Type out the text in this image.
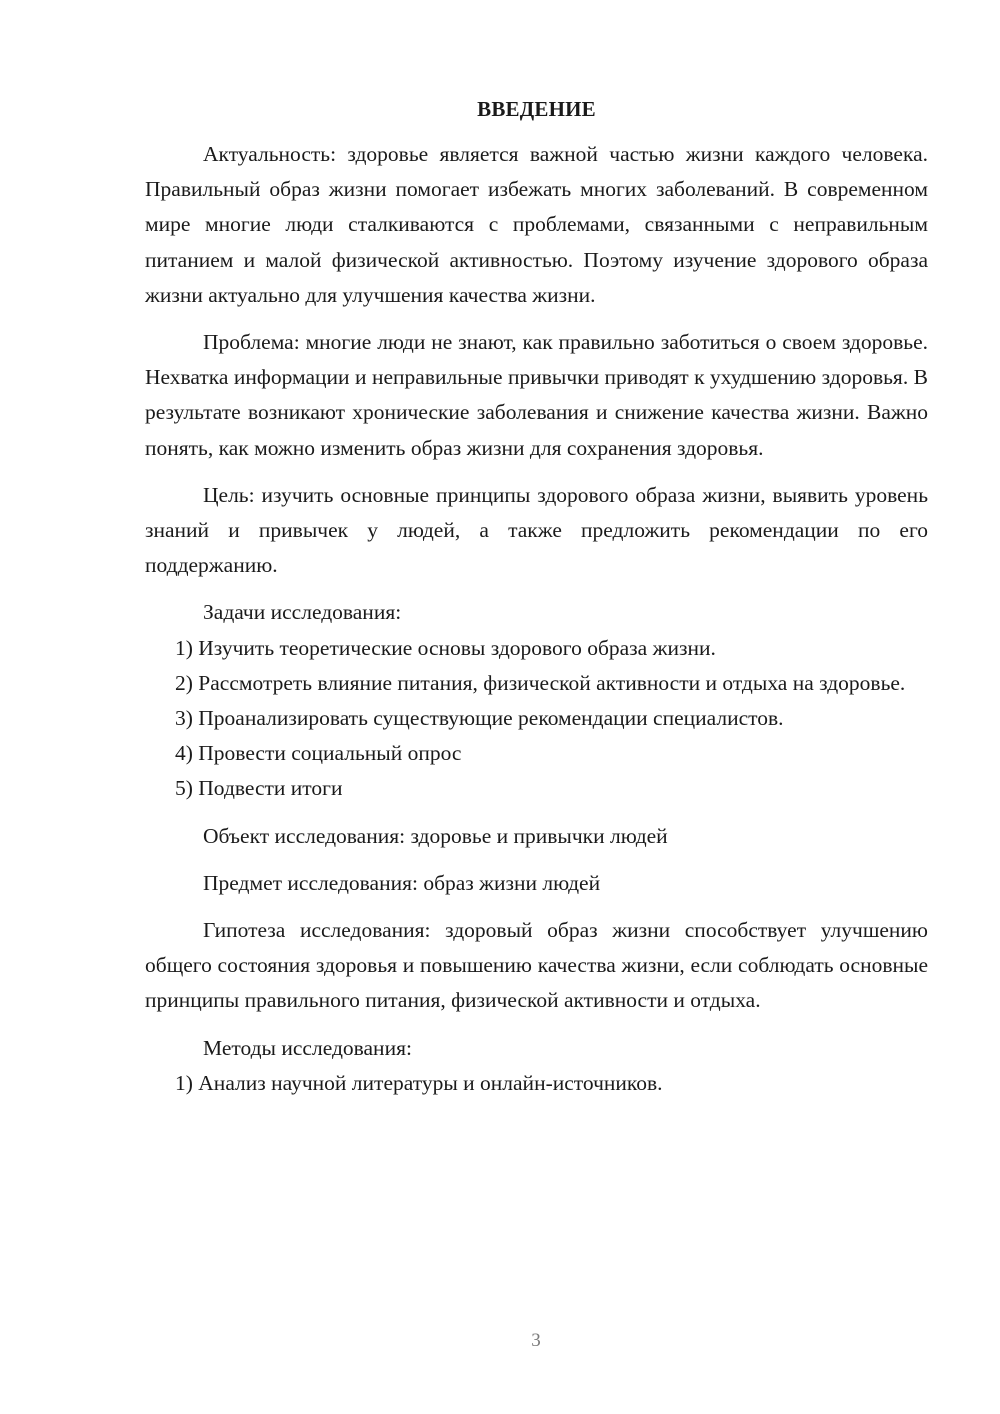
ВВЕДЕНИЕ

Актуальность: здоровье является важной частью жизни каждого человека. Правильный образ жизни помогает избежать многих заболеваний. В современном мире многие люди сталкиваются с проблемами, связанными с неправильным питанием и малой физической активностью. Поэтому изучение здорового образа жизни актуально для улучшения качества жизни.

Проблема: многие люди не знают, как правильно заботиться о своем здоровье. Нехватка информации и неправильные привычки приводят к ухудшению здоровья. В результате возникают хронические заболевания и снижение качества жизни. Важно понять, как можно изменить образ жизни для сохранения здоровья.

Цель: изучить основные принципы здорового образа жизни, выявить уровень знаний и привычек у людей, а также предложить рекомендации по его поддержанию.

Задачи исследования:

1) Изучить теоретические основы здорового образа жизни.

2) Рассмотреть влияние питания, физической активности и отдыха на здоровье.

3) Проанализировать существующие рекомендации специалистов.

4) Провести социальный опрос

5) Подвести итоги

Объект исследования: здоровье и привычки людей

Предмет исследования: образ жизни людей

Гипотеза исследования: здоровый образ жизни способствует улучшению общего состояния здоровья и повышению качества жизни, если соблюдать основные принципы правильного питания, физической активности и отдыха.

Методы исследования:

1) Анализ научной литературы и онлайн-источников.

3
